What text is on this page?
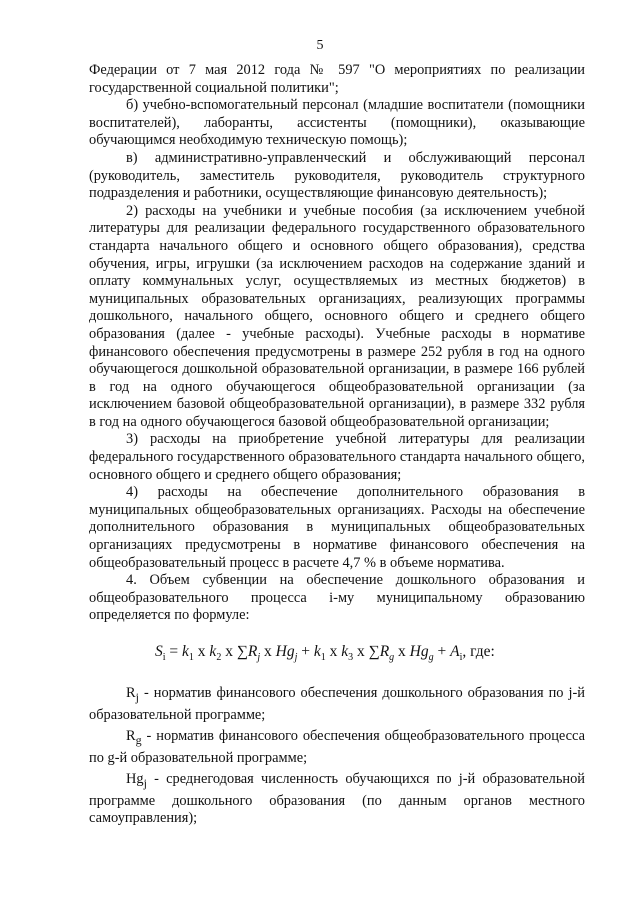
5

Федерации от 7 мая 2012 года № 597 "О мероприятиях по реализации государственной социальной политики";

б) учебно-вспомогательный персонал (младшие воспитатели (помощники воспитателей), лаборанты, ассистенты (помощники), оказывающие обучающимся необходимую техническую помощь);

в) административно-управленческий и обслуживающий персонал (руководитель, заместитель руководителя, руководитель структурного подразделения и работники, осуществляющие финансовую деятельность);

2) расходы на учебники и учебные пособия (за исключением учебной литературы для реализации федерального государственного образовательного стандарта начального общего и основного общего образования), средства обучения, игры, игрушки (за исключением расходов на содержание зданий и оплату коммунальных услуг, осуществляемых из местных бюджетов) в муниципальных образовательных организациях, реализующих программы дошкольного, начального общего, основного общего и среднего общего образования (далее - учебные расходы). Учебные расходы в нормативе финансового обеспечения предусмотрены в размере 252 рубля в год на одного обучающегося дошкольной образовательной организации, в размере 166 рублей в год на одного обучающегося общеобразовательной организации (за исключением базовой общеобразовательной организации), в размере 332 рубля в год на одного обучающегося базовой общеобразовательной организации;

3) расходы на приобретение учебной литературы для реализации федерального государственного образовательного стандарта начального общего, основного общего и среднего общего образования;

4) расходы на обеспечение дополнительного образования в муниципальных общеобразовательных организациях. Расходы на обеспечение дополнительного образования в муниципальных общеобразовательных организациях предусмотрены в нормативе финансового обеспечения на общеобразовательный процесс в расчете 4,7 % в объеме норматива.

4. Объем субвенции на обеспечение дошкольного образования и общеобразовательного процесса i-му муниципальному образованию определяется по формуле:

$S_i = k_1$ x $k_2$ x $\sum R_j$ x $Hg_j + k_1$ x $k_3$ x $\sum R_g$ x $Hg_g + A_i$, где:

$R_j$ - норматив финансового обеспечения дошкольного образования по j-й образовательной программе;

$R_g$ - норматив финансового обеспечения общеобразовательного процесса по g-й образовательной программе;

$Hg_j$ - среднегодовая численность обучающихся по j-й образовательной программе дошкольного образования (по данным органов местного самоуправления);
